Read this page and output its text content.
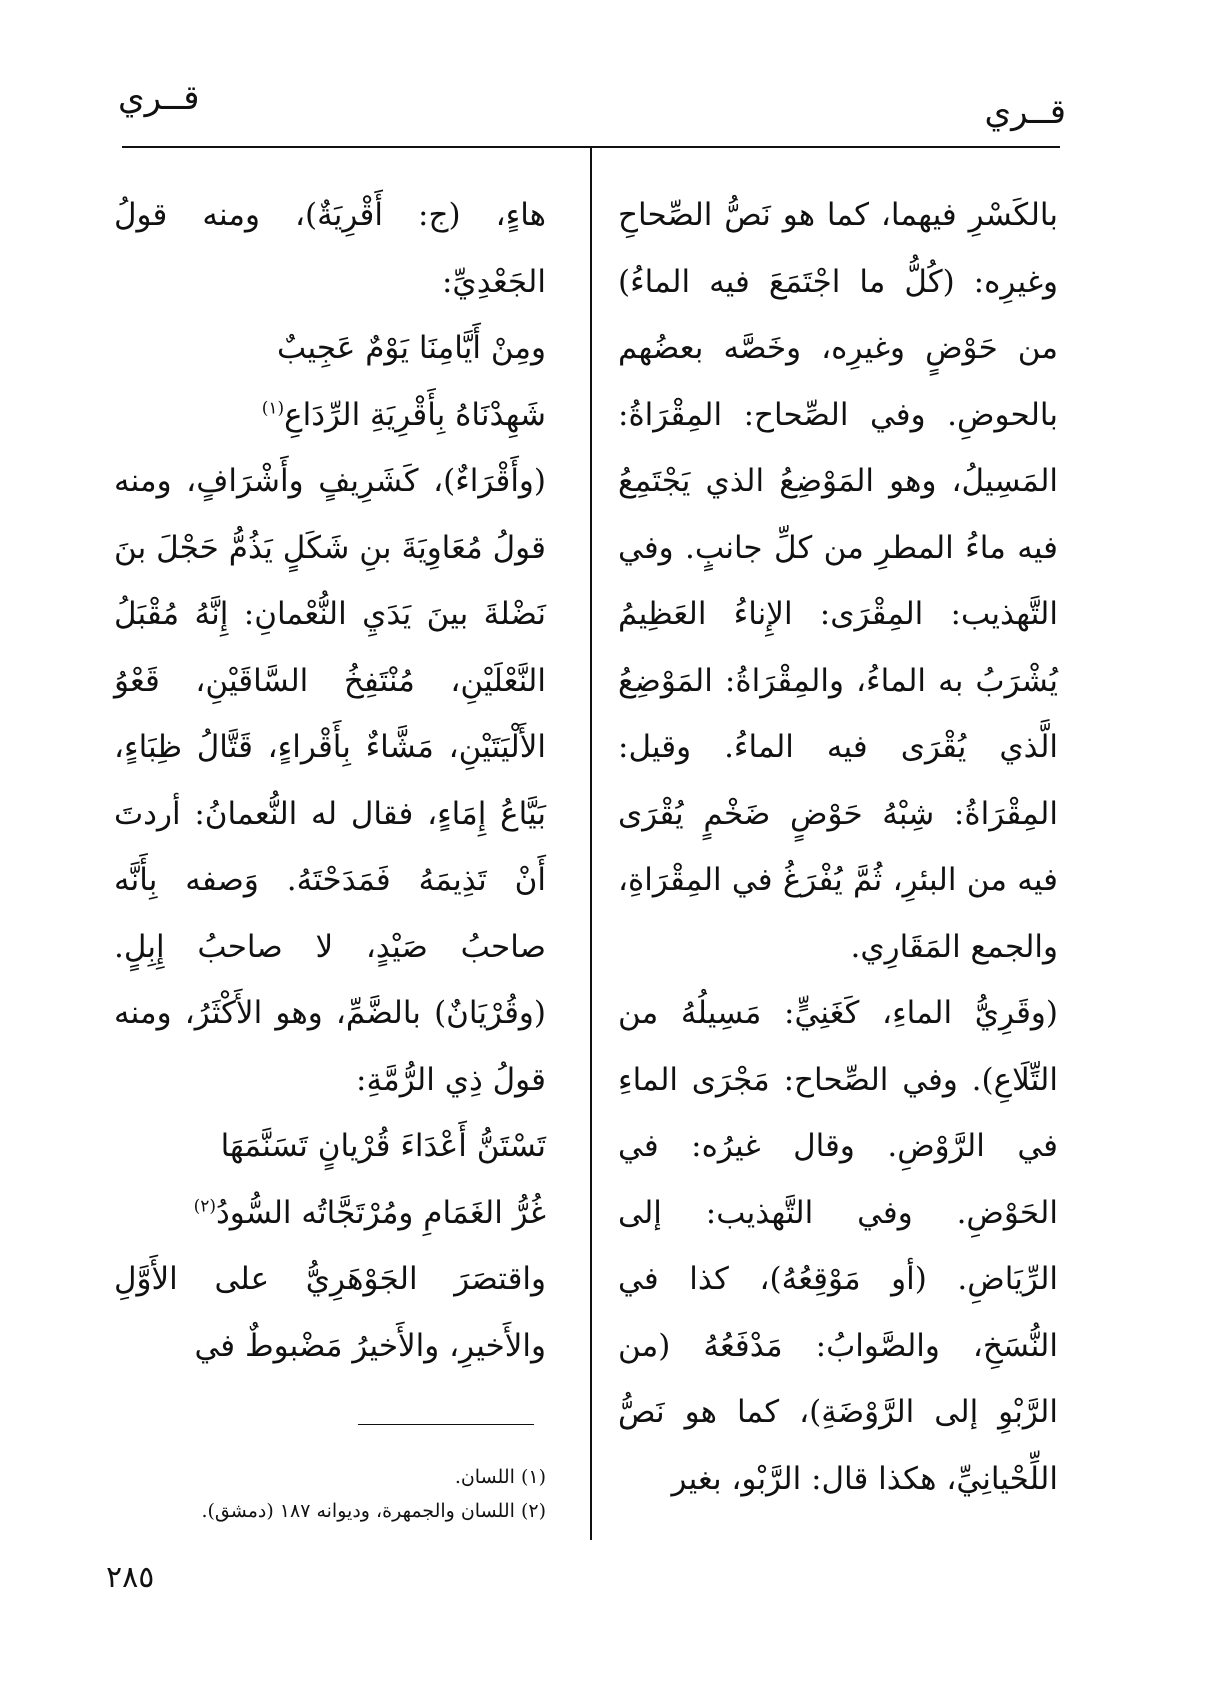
قــري	قــري

بالكَسْرِ فيهما، كما هو نَصُّ الصِّحاحِ وغيرِه: (كُلُّ ما اجْتَمَعَ فيه الماءُ) من حَوْضٍ وغيرِه، وخَصَّه بعضُهم بالحوضِ. وفي الصِّحاح: المِقْرَاةُ: المَسِيلُ، وهو المَوْضِعُ الذي يَجْتَمِعُ فيه ماءُ المطرِ من كلِّ جانبٍ. وفي التَّهذيب: المِقْرَى: الإِناءُ العَظِيمُ يُشْرَبُ به الماءُ، والمِقْرَاةُ: المَوْضِعُ الَّذي يُقْرَى فيه الماءُ. وقيل: المِقْرَاةُ: شِبْهُ حَوْضٍ ضَخْمٍ يُقْرَى فيه من البئرِ، ثُمَّ يُفْرَغُ في المِقْرَاةِ، والجمع المَقَارِي.

(وقَرِيُّ الماءِ، كَغَنِيٍّ: مَسِيلُهُ من التِّلَاعِ). وفي الصِّحاح: مَجْرَى الماءِ في الرَّوْضِ. وقال غيرُه: في الحَوْضِ. وفي التَّهذيب: إلى الرِّيَاضِ. (أو مَوْقِعُهُ)، كذا في النُّسَخِ، والصَّوابُ: مَدْفَعُهُ (من الرَّبْوِ إلى الرَّوْضَةِ)، كما هو نَصُّ اللِّحْيانِيِّ، هكذا قال: الرَّبْو، بغير

هاءٍ، (ج: أَقْرِيَةٌ)، ومنه قولُ الجَعْدِيِّ:

ومِنْ أَيَّامِنَا يَوْمٌ عَجِيبٌ
شَهِدْنَاهُ بِأَقْرِيَةِ الرِّدَاعِ$^{(١)}$

(وأَقْرَاءٌ)، كَشَرِيفٍ وأَشْرَافٍ، ومنه قولُ مُعَاوِيَةَ بنِ شَكَلٍ يَذُمُّ حَجْلَ بنَ نَضْلةَ بينَ يَدَيِ النُّعْمانِ: إِنَّهُ مُقْبَلُ النَّعْلَيْنِ، مُنْتَفِخُ السَّاقَيْنِ، قَعْوُ الأَلْيَتَيْنِ، مَشَّاءٌ بِأَقْراءٍ، قَتَّالُ ظِبَاءٍ، بَيَّاعُ إِمَاءٍ، فقال له النُّعمانُ: أردتَ أَنْ تَذِيمَهُ فَمَدَحْتَهُ. وَصفه بِأَنَّه صاحبُ صَيْدٍ، لا صاحبُ إِبِلٍ. (وقُرْيَانٌ) بالضَّمِّ، وهو الأَكْثَرُ، ومنه قولُ ذِي الرُّمَّةِ:

تَسْتَنُّ أَعْدَاءَ قُرْيانٍ تَسَنَّمَهَا
غُرُّ الغَمَامِ ومُرْتَجَّاتُه السُّودُ$^{(٢)}$

واقتصَرَ الجَوْهَرِيُّ على الأَوَّلِ والأَخيرِ، والأَخيرُ مَضْبوطٌ في

(١) اللسان.
(٢) اللسان والجمهرة، وديوانه ١٨٧ (دمشق).
٢٨٥
